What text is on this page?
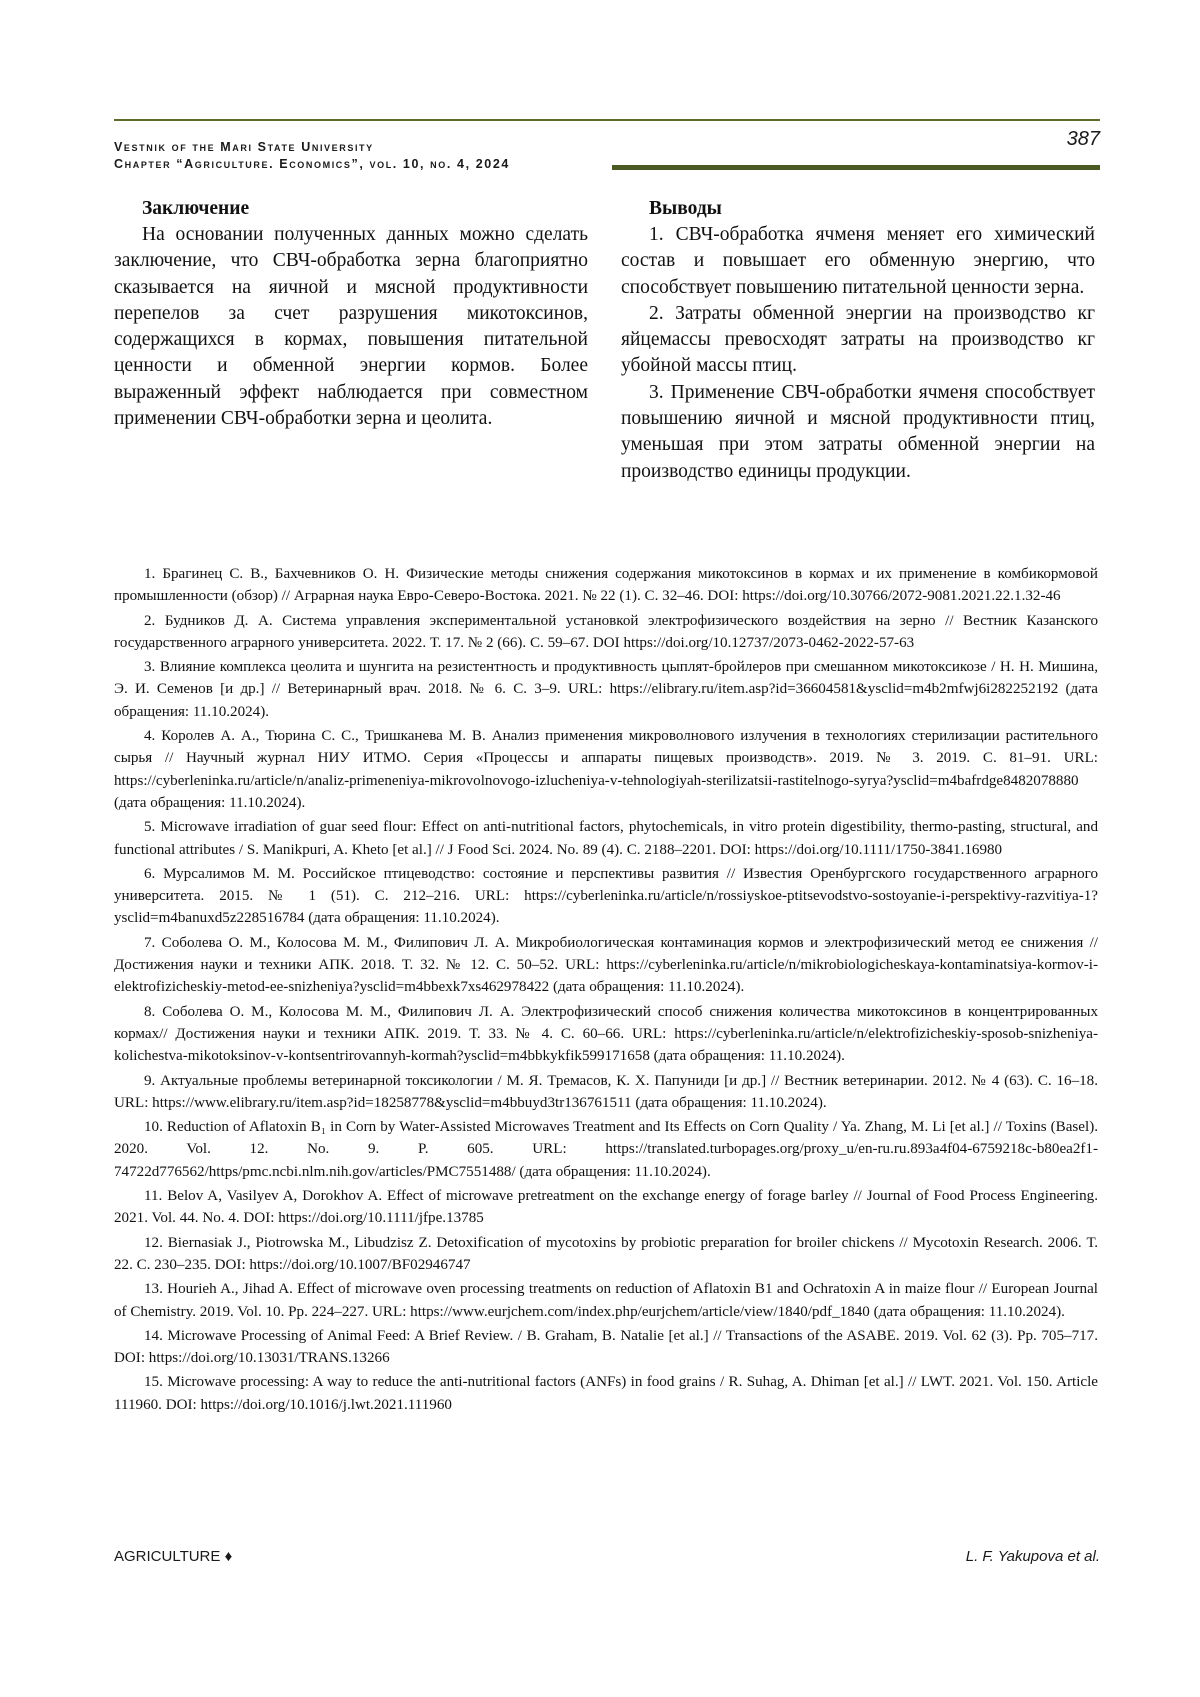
Vestnik of the Mari State University
Chapter “Agriculture. Economics”, vol. 10, no. 4, 2024
387
Заключение

На основании полученных данных можно сделать заключение, что СВЧ-обработка зерна благоприятно сказывается на яичной и мясной продуктивности перепелов за счет разрушения микотоксинов, содержащихся в кормах, повышения питательной ценности и обменной энергии кормов. Более выраженный эффект наблюдается при совместном применении СВЧ-обработки зерна и цеолита.

Выводы

1. СВЧ-обработка ячменя меняет его химический состав и повышает его обменную энергию, что способствует повышению питательной ценности зерна.

2. Затраты обменной энергии на производство кг яйцемассы превосходят затраты на производство кг убойной массы птиц.

3. Применение СВЧ-обработки ячменя способствует повышению яичной и мясной продуктивности птиц, уменьшая при этом затраты обменной энергии на производство единицы продукции.

1. Брагинец С. В., Бахчевников О. Н. Физические методы снижения содержания микотоксинов в кормах и их применение в комбикормовой промышленности (обзор) // Аграрная наука Евро-Северо-Востока. 2021. № 22 (1). С. 32–46. DOI: https://doi.org/10.30766/2072-9081.2021.22.1.32-46

2. Будников Д. А. Система управления экспериментальной установкой электрофизического воздействия на зерно // Вестник Казанского государственного аграрного университета. 2022. Т. 17. № 2 (66). С. 59–67. DOI https://doi.org/10.12737/2073-0462-2022-57-63

3. Влияние комплекса цеолита и шунгита на резистентность и продуктивность цыплят-бройлеров при смешанном микотоксикозе / Н. Н. Мишина, Э. И. Семенов [и др.] // Ветеринарный врач. 2018. № 6. С. 3–9. URL: https://elibrary.ru/item.asp?id=36604581&ysclid=m4b2mfwj6i282252192 (дата обращения: 11.10.2024).

4. Королев А. А., Тюрина С. С., Тришканева М. В. Анализ применения микроволнового излучения в технологиях стерилизации растительного сырья // Научный журнал НИУ ИТМО. Серия «Процессы и аппараты пищевых производств». 2019. № 3. 2019. С. 81–91. URL: https://cyberleninka.ru/article/n/analiz-primeneniya-mikrovolnovogo-izlucheniya-v-tehnologiyah-sterilizatsii-rastitelnogo-syrya?ysclid=m4bafrdge8482078880 (дата обращения: 11.10.2024).

5. Microwave irradiation of guar seed flour: Effect on anti-nutritional factors, phytochemicals, in vitro protein digestibility, thermo-pasting, structural, and functional attributes / S. Manikpuri, A. Kheto [et al.] // J Food Sci. 2024. No. 89 (4). С. 2188–2201. DOI: https://doi.org/10.1111/1750-3841.16980

6. Мурсалимов М. М. Российское птицеводство: состояние и перспективы развития // Известия Оренбургского государственного аграрного университета. 2015. № 1 (51). С. 212–216. URL: https://cyberleninka.ru/article/n/rossiyskoe-ptitsevodstvo-sostoyanie-i-perspektivy-razvitiya-1?ysclid=m4banuxd5z228516784 (дата обращения: 11.10.2024).

7. Соболева О. М., Колосова М. М., Филипович Л. А. Микробиологическая контаминация кормов и электрофизический метод ее снижения // Достижения науки и техники АПК. 2018. Т. 32. № 12. С. 50–52. URL: https://cyberleninka.ru/article/n/mikrobiologicheskaya-kontaminatsiya-kormov-i-elektrofizicheskiy-metod-ee-snizheniya?ysclid=m4bbexk7xs462978422 (дата обращения: 11.10.2024).

8. Соболева О. М., Колосова М. М., Филипович Л. А. Электрофизический способ снижения количества микотоксинов в концентрированных кормах// Достижения науки и техники АПК. 2019. Т. 33. № 4. С. 60–66. URL: https://cyberleninka.ru/article/n/elektrofizicheskiy-sposob-snizheniya-kolichestva-mikotoksinov-v-kontsentrirovannyh-kormah?ysclid=m4bbkykfik599171658 (дата обращения: 11.10.2024).

9. Актуальные проблемы ветеринарной токсикологии / М. Я. Тремасов, К. Х. Папуниди [и др.] // Вестник ветеринарии. 2012. № 4 (63). С. 16–18. URL: https://www.elibrary.ru/item.asp?id=18258778&ysclid=m4bbuyd3tr136761511 (дата обращения: 11.10.2024).

10. Reduction of Aflatoxin B₁ in Corn by Water-Assisted Microwaves Treatment and Its Effects on Corn Quality / Ya. Zhang, M. Li [et al.] // Toxins (Basel). 2020. Vol. 12. No. 9. P. 605. URL: https://translated.turbopages.org/proxy_u/en-ru.ru.893a4f04-6759218c-b80ea2f1-74722d776562/https/pmc.ncbi.nlm.nih.gov/articles/PMC7551488/ (дата обращения: 11.10.2024).

11. Belov A, Vasilyev A, Dorokhov A. Effect of microwave pretreatment on the exchange energy of forage barley // Journal of Food Process Engineering. 2021. Vol. 44. No. 4. DOI: https://doi.org/10.1111/jfpe.13785

12. Biernasiak J., Piotrowska M., Libudzisz Z. Detoxification of mycotoxins by probiotic preparation for broiler chickens // Mycotoxin Research. 2006. Т. 22. С. 230–235. DOI: https://doi.org/10.1007/BF02946747

13. Hourieh A., Jihad A. Effect of microwave oven processing treatments on reduction of Aflatoxin B1 and Ochratoxin A in maize flour // European Journal of Chemistry. 2019. Vol. 10. Pp. 224–227. URL: https://www.eurjchem.com/index.php/eurjchem/article/view/1840/pdf_1840 (дата обращения: 11.10.2024).

14. Microwave Processing of Animal Feed: A Brief Review. / B. Graham, B. Natalie [et al.] // Transactions of the ASABE. 2019. Vol. 62 (3). Pp. 705–717. DOI: https://doi.org/10.13031/TRANS.13266

15. Microwave processing: A way to reduce the anti-nutritional factors (ANFs) in food grains / R. Suhag, A. Dhiman [et al.] // LWT. 2021. Vol. 150. Article 111960. DOI: https://doi.org/10.1016/j.lwt.2021.111960

AGRICULTURE ♦	L. F. Yakupova et al.
